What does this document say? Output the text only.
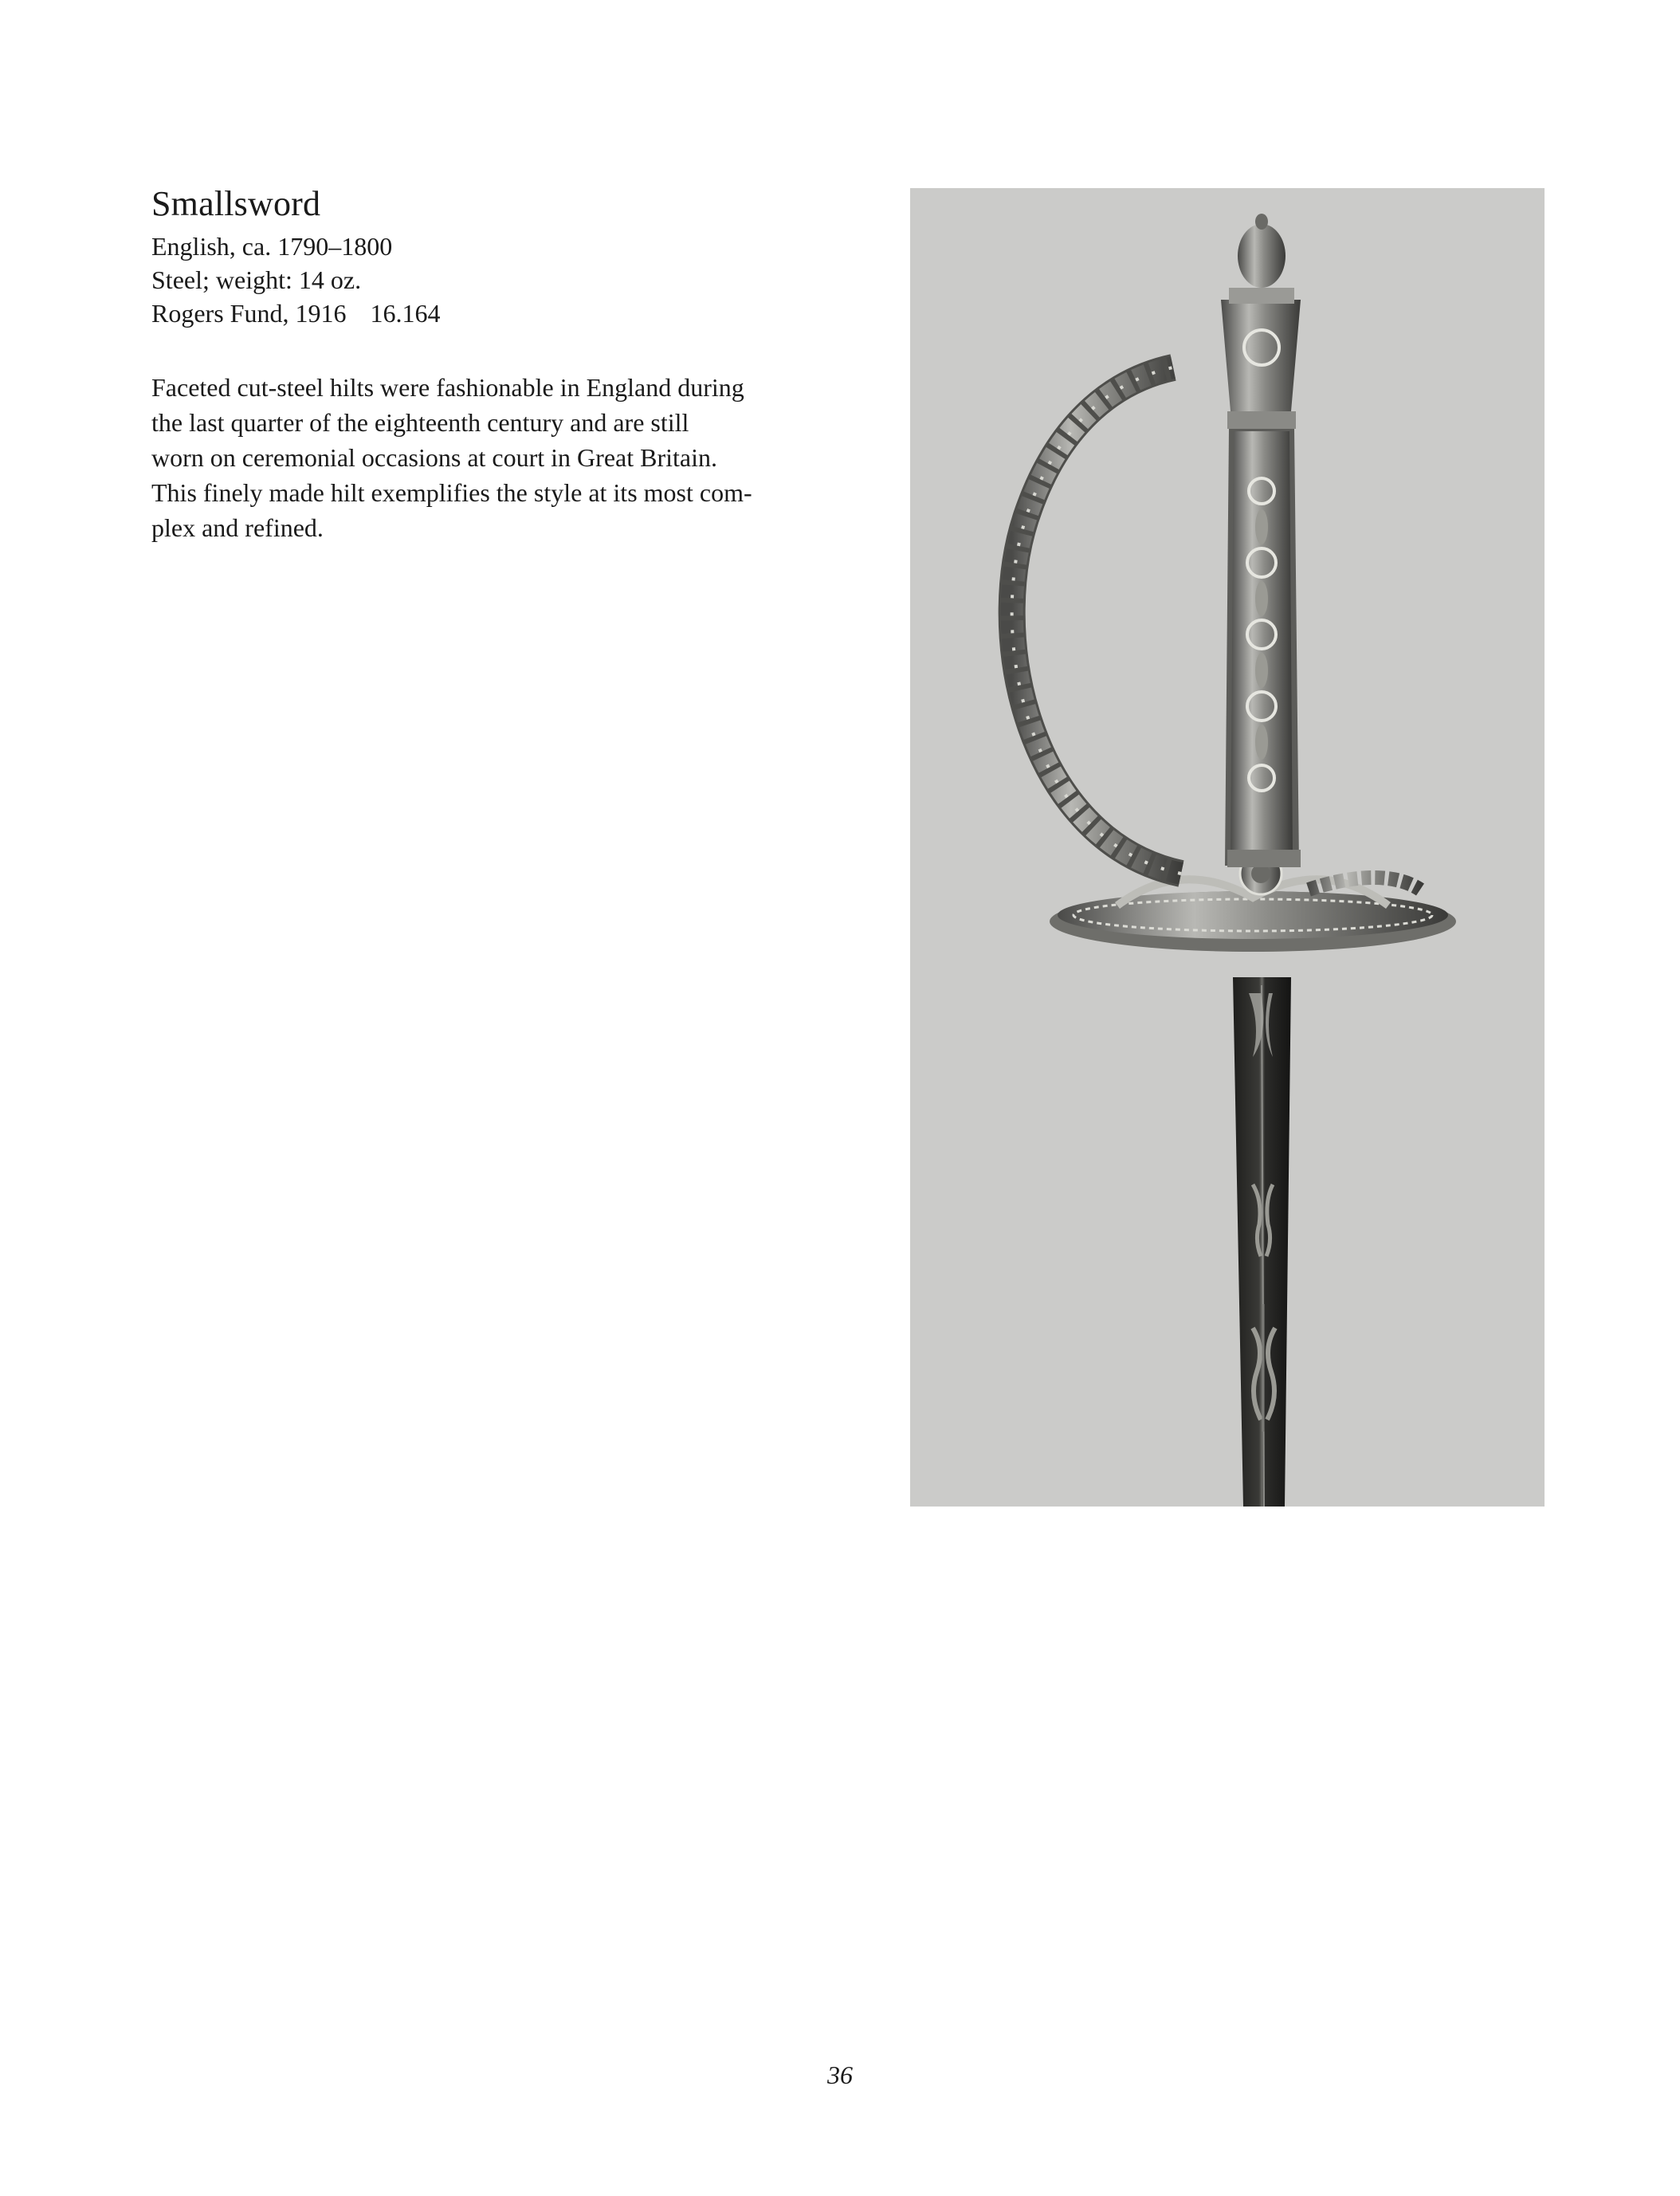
Smallsword

English, ca. 1790–1800

Steel; weight: 14 oz.

Rogers Fund, 1916 16.164

Faceted cut-steel hilts were fashionable in England during
the last quarter of the eighteenth century and are still
worn on ceremonial occasions at court in Great Britain.
This finely made hilt exemplifies the style at its most com-
plex and refined.
36
